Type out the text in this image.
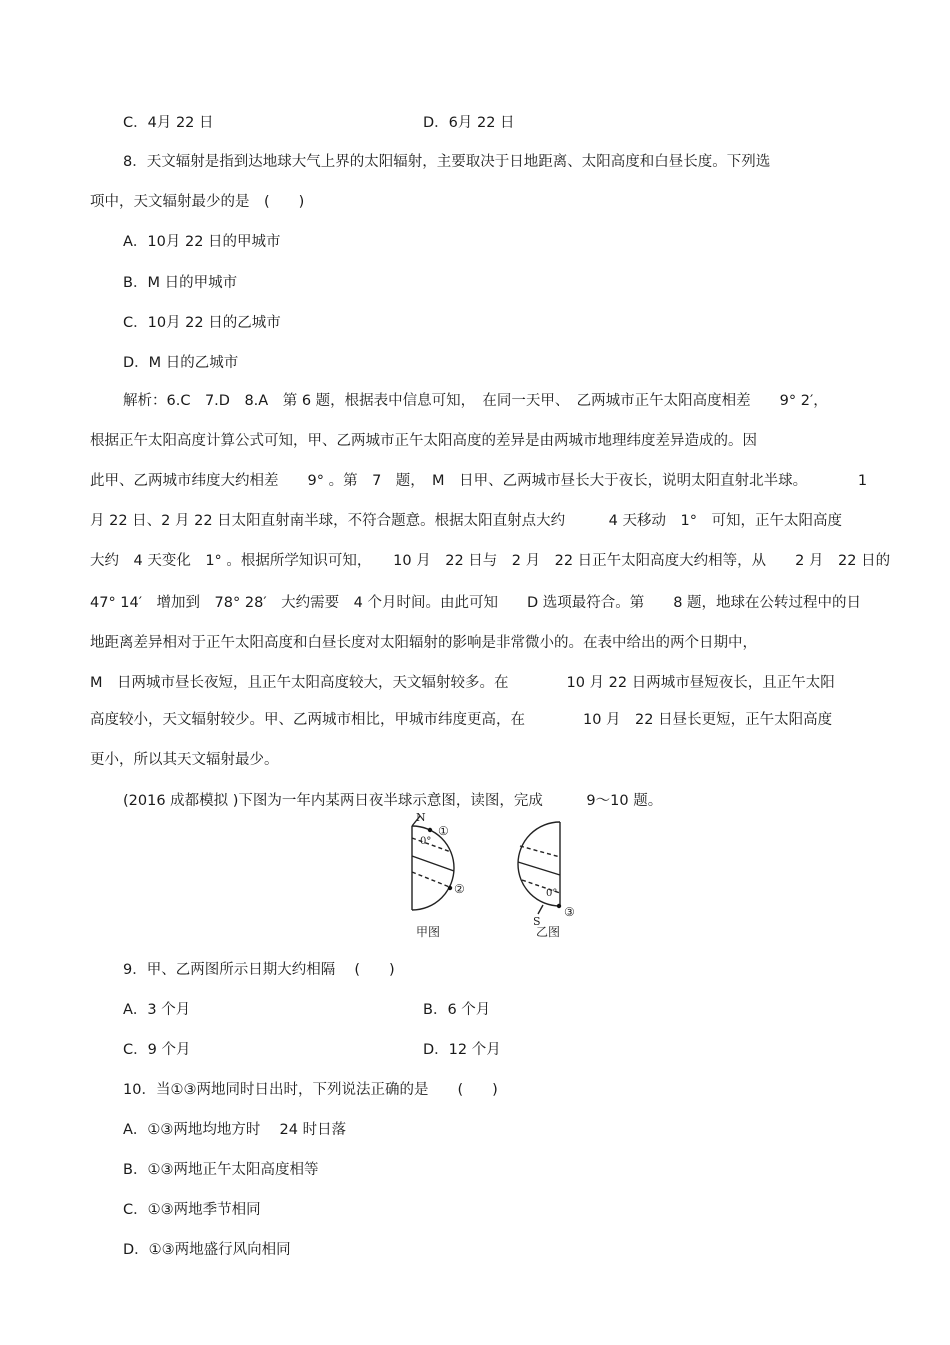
C．4月 22 日	D．6月 22 日
8．天文辐射是指到达地球大气上界的太阳辐射，主要取决于日地距离、太阳高度和白昼长度。下列选
项中，天文辐射最少的是　(　　)
A．10月 22 日的甲城市
B．M 日的甲城市
C．10月 22 日的乙城市
D．M 日的乙城市
解析：6.C　7.D　8.A　第 6 题，根据表中信息可知，　在同一天甲、　乙两城市正午太阳高度相差　　9° 2′，
根据正午太阳高度计算公式可知，甲、乙两城市正午太阳高度的差异是由两城市地理纬度差异造成的。因
此甲、乙两城市纬度大约相差　　9° 。第　7　题，　M　日甲、乙两城市昼长大于夜长，说明太阳直射北半球。　　　　1
月 22 日、2 月 22 日太阳直射南半球，不符合题意。根据太阳直射点大约　　　4 天移动　1°　可知，正午太阳高度
大约　4 天变化　1° 。根据所学知识可知，　　10 月　22 日与　2 月　22 日正午太阳高度大约相等，从　　2 月　22 日的
47° 14′　增加到　78° 28′　大约需要　4 个月时间。由此可知　　D 选项最符合。第　　8 题，地球在公转过程中的日
地距离差异相对于正午太阳高度和白昼长度对太阳辐射的影响是非常微小的。在表中给出的两个日期中，
M　日两城市昼长夜短，且正午太阳高度较大，天文辐射较多。在　　　　10 月 22 日两城市昼短夜长，且正午太阳
高度较小，天文辐射较少。甲、乙两城市相比，甲城市纬度更高，在　　　　10 月　22 日昼长更短，正午太阳高度
更小，所以其天文辐射最少。
(2016 成都模拟 )下图为一年内某两日夜半球示意图，读图，完成　　　9～10 题。
N
0°
①
②
甲图
0°
S
③
乙图
9．甲、乙两图所示日期大约相隔　 (　　)
A．3 个月	B．6 个月
C．9 个月	D．12 个月
10．当①③两地同时日出时，下列说法正确的是　　(　　)
A．①③两地均地方时　 24 时日落
B．①③两地正午太阳高度相等
C．①③两地季节相同
D．①③两地盛行风向相同
